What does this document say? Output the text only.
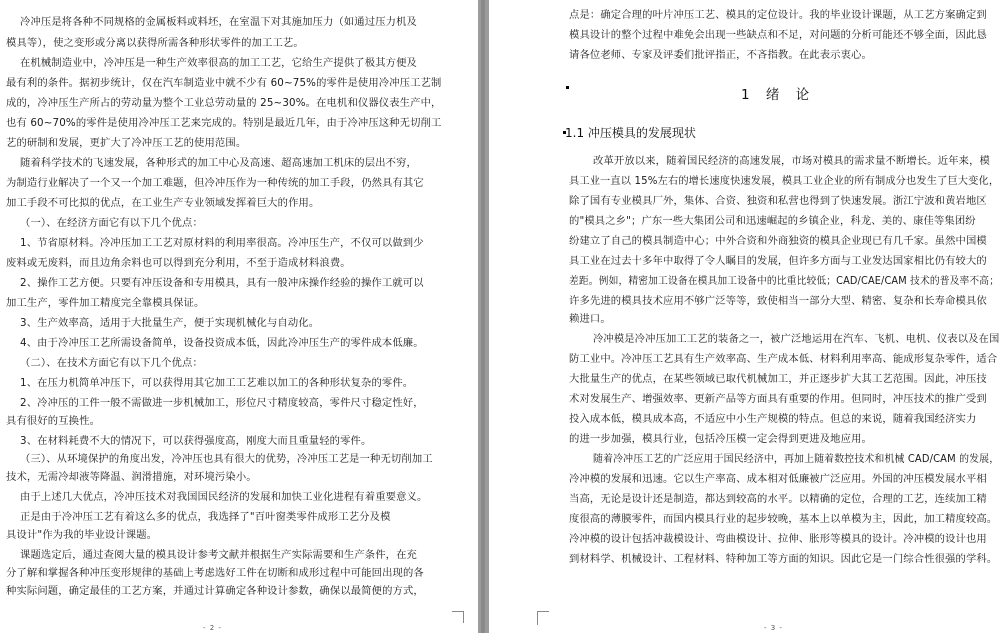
冷冲压是将各种不同规格的金属板料或料坯，在室温下对其施加压力（如通过压力机及
模具等），使之变形或分离以获得所需各种形状零件的加工工艺。
在机械制造业中，冷冲压是一种生产效率很高的加工工艺，它给生产提供了极其方便及
最有利的条件。据初步统计，仅在汽车制造业中就不少有 60~75%的零件是使用冷冲压工艺制
成的，冷冲压生产所占的劳动量为整个工业总劳动量的 25~30%。在电机和仪器仪表生产中，
也有 60~70%的零件是使用冷冲压工艺来完成的。特别是最近几年，由于冷冲压这种无切削工
艺的研制和发展，更扩大了冷冲压工艺的使用范围。
随着科学技术的飞速发展，各种形式的加工中心及高速、超高速加工机床的层出不穷，
为制造行业解决了一个又一个加工难题，但冷冲压作为一种传统的加工手段，仍然具有其它
加工手段不可比拟的优点，在工业生产专业领域发挥着巨大的作用。
（一）、在经济方面它有以下几个优点：
1、节省原材料。冷冲压加工工艺对原材料的利用率很高。冷冲压生产，不仅可以做到少
废料或无废料，而且边角余料也可以得到充分利用，不至于造成材料浪费。
2、操作工艺方便。只要有冲压设备和专用模具，具有一般冲床操作经验的操作工就可以
加工生产，零件加工精度完全靠模具保证。
3、生产效率高，适用于大批量生产，便于实现机械化与自动化。
4、由于冷冲压工艺所需设备简单，设备投资成本低，因此冷冲压生产的零件成本低廉。
（二）、在技术方面它有以下几个优点：
1、在压力机简单冲压下，可以获得用其它加工工艺难以加工的各种形状复杂的零件。
2、冷冲压的工件一般不需做进一步机械加工，形位尺寸精度较高，零件尺寸稳定性好，
具有很好的互换性。
3、在材料耗费不大的情况下，可以获得强度高，刚度大而且重量轻的零件。
（三）、从环境保护的角度出发，冷冲压也具有很大的优势，冷冲压工艺是一种无切削加工
技术，无需冷却液等降温、润滑措施，对环境污染小。
由于上述几大优点，冷冲压技术对我国国民经济的发展和加快工业化进程有着重要意义。
正是由于冷冲压工艺有着这么多的优点，我选择了"百叶窗类零件成形工艺分及模
具设计"作为我的毕业设计课题。
课题选定后，通过查阅大量的模具设计参考文献并根据生产实际需要和生产条件，在充
分了解和掌握各种冲压变形规律的基础上考虑选好工件在切断和成形过程中可能回出现的各
种实际问题，确定最佳的工艺方案，并通过计算确定各种设计参数，确保以最简便的方式，
- 2 -
点是：确定合理的叶片冲压工艺、模具的定位设计。我的毕业设计课题，从工艺方案确定到
模具设计的整个过程中难免会出现一些缺点和不足，对问题的分析可能还不够全面，因此恳
请各位老师、专家及评委们批评指正，不吝指教。在此表示衷心。
1 绪 论
1.1 冲压模具的发展现状
改革开放以来，随着国民经济的高速发展，市场对模具的需求量不断增长。近年来，模
具工业一直以 15%左右的增长速度快速发展，模具工业企业的所有制成分也发生了巨大变化，
除了国有专业模具厂外，集体、合资、独资和私营也得到了快速发展。浙江宁波和黄岩地区
的"模具之乡"；广东一些大集团公司和迅速崛起的乡镇企业，科龙、美的、康佳等集团纷
纷建立了自己的模具制造中心；中外合资和外商独资的模具企业现已有几千家。虽然中国模
具工业在过去十多年中取得了令人瞩目的发展，但许多方面与工业发达国家相比仍有较大的
差距。例如，精密加工设备在模具加工设备中的比重比较低；CAD/CAE/CAM 技术的普及率不高；
许多先进的模具技术应用不够广泛等等，致使相当一部分大型、精密、复杂和长寿命模具依
赖进口。
冷冲模是冷冲压加工工艺的装备之一，被广泛地运用在汽车、飞机、电机、仪表以及在国
防工业中。冷冲压工艺具有生产效率高、生产成本低、材料利用率高、能成形复杂零件，适合
大批量生产的优点，在某些领域已取代机械加工，并正逐步扩大其工艺范围。因此，冲压技
术对发展生产、增强效率、更新产品等方面具有重要的作用。但同时，冲压技术的推广受到
投入成本低，模具成本高，不适应中小生产规模的特点。但总的来说，随着我国经济实力
的进一步加强，模具行业，包括冷压模一定会得到更进及地应用。
随着冷冲压工艺的广泛应用于国民经济中，再加上随着数控技术和机械 CAD/CAM 的发展，
冷冲模的发展和迅速。它以生产率高、成本相对低廉被广泛应用。外国的冲压模发展水平相
当高，无论是设计还是制造，都达到较高的水平。以精确的定位，合理的工艺，连续加工精
度很高的薄膜零件，而国内模具行业的起步较晚，基本上以单模为主，因此，加工精度较高。
冷冲模的设计包括冲裁模设计、弯曲模设计、拉伸、胀形等模具的设计。冷冲模的设计也用
到材料学、机械设计、工程材料、特种加工等方面的知识。因此它是一门综合性很强的学科。
- 3 -
